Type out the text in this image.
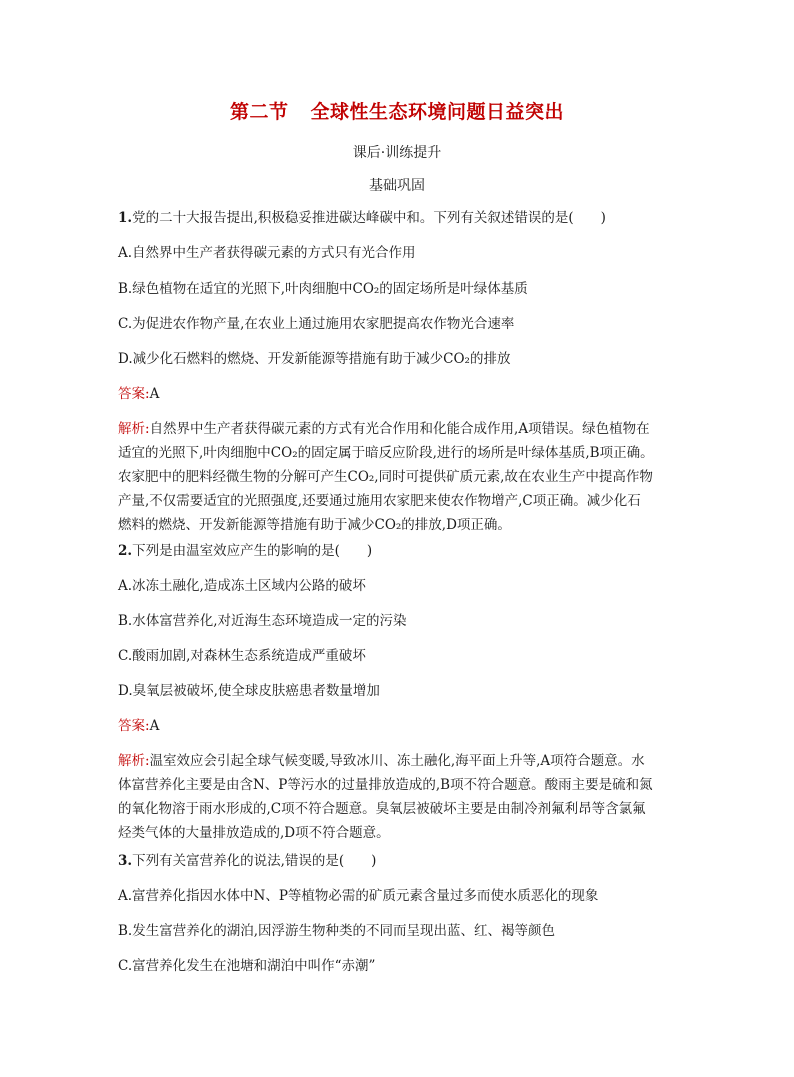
第二节 全球性生态环境问题日益突出
课后·训练提升
基础巩固
1.党的二十大报告提出,积极稳妥推进碳达峰碳中和。下列有关叙述错误的是(　　)
A.自然界中生产者获得碳元素的方式只有光合作用
B.绿色植物在适宜的光照下,叶肉细胞中CO₂的固定场所是叶绿体基质
C.为促进农作物产量,在农业上通过施用农家肥提高农作物光合速率
D.减少化石燃料的燃烧、开发新能源等措施有助于减少CO₂的排放
答案:A
解析:自然界中生产者获得碳元素的方式有光合作用和化能合成作用,A项错误。绿色植物在
适宜的光照下,叶肉细胞中CO₂的固定属于暗反应阶段,进行的场所是叶绿体基质,B项正确。
农家肥中的肥料经微生物的分解可产生CO₂,同时可提供矿质元素,故在农业生产中提高作物
产量,不仅需要适宜的光照强度,还要通过施用农家肥来使农作物增产,C项正确。减少化石
燃料的燃烧、开发新能源等措施有助于减少CO₂的排放,D项正确。
2.下列是由温室效应产生的影响的是(　　)
A.冰冻土融化,造成冻土区域内公路的破坏
B.水体富营养化,对近海生态环境造成一定的污染
C.酸雨加剧,对森林生态系统造成严重破坏
D.臭氧层被破坏,使全球皮肤癌患者数量增加
答案:A
解析:温室效应会引起全球气候变暖,导致冰川、冻土融化,海平面上升等,A项符合题意。水
体富营养化主要是由含N、P等污水的过量排放造成的,B项不符合题意。酸雨主要是硫和氮
的氧化物溶于雨水形成的,C项不符合题意。臭氧层被破坏主要是由制冷剂氟利昂等含氯氟
烃类气体的大量排放造成的,D项不符合题意。
3.下列有关富营养化的说法,错误的是(　　)
A.富营养化指因水体中N、P等植物必需的矿质元素含量过多而使水质恶化的现象
B.发生富营养化的湖泊,因浮游生物种类的不同而呈现出蓝、红、褐等颜色
C.富营养化发生在池塘和湖泊中叫作“赤潮”
